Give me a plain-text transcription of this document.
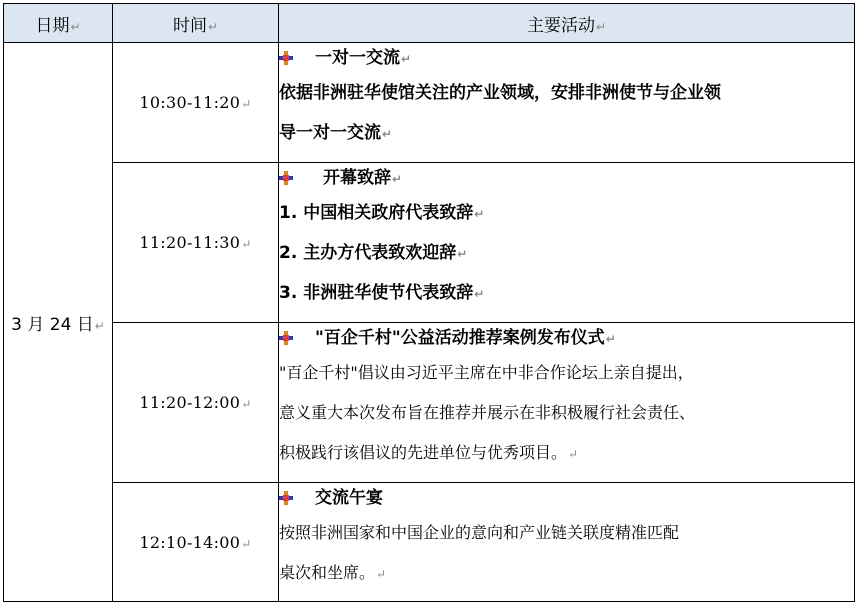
日期↵	时间↵	主要活动↵
3 月 24 日↵	10:30-11:20↵	一对一交流↵
依据非洲驻华使馆关注的产业领域，安排非洲使节与企业领
导一对一交流↵

	11:20-11:30↵	开幕致辞↵
1. 中国相关政府代表致辞↵
2. 主办方代表致欢迎辞↵
3. 非洲驻华使节代表致辞↵

	11:20-12:00↵	"百企千村"公益活动推荐案例发布仪式↵
"百企千村"倡议由习近平主席在中非合作论坛上亲自提出，
意义重大本次发布旨在推荐并展示在非积极履行社会责任、
积极践行该倡议的先进单位与优秀项目。↵

	12:10-14:00↵	交流午宴
按照非洲国家和中国企业的意向和产业链关联度精准匹配
桌次和坐席。↵
